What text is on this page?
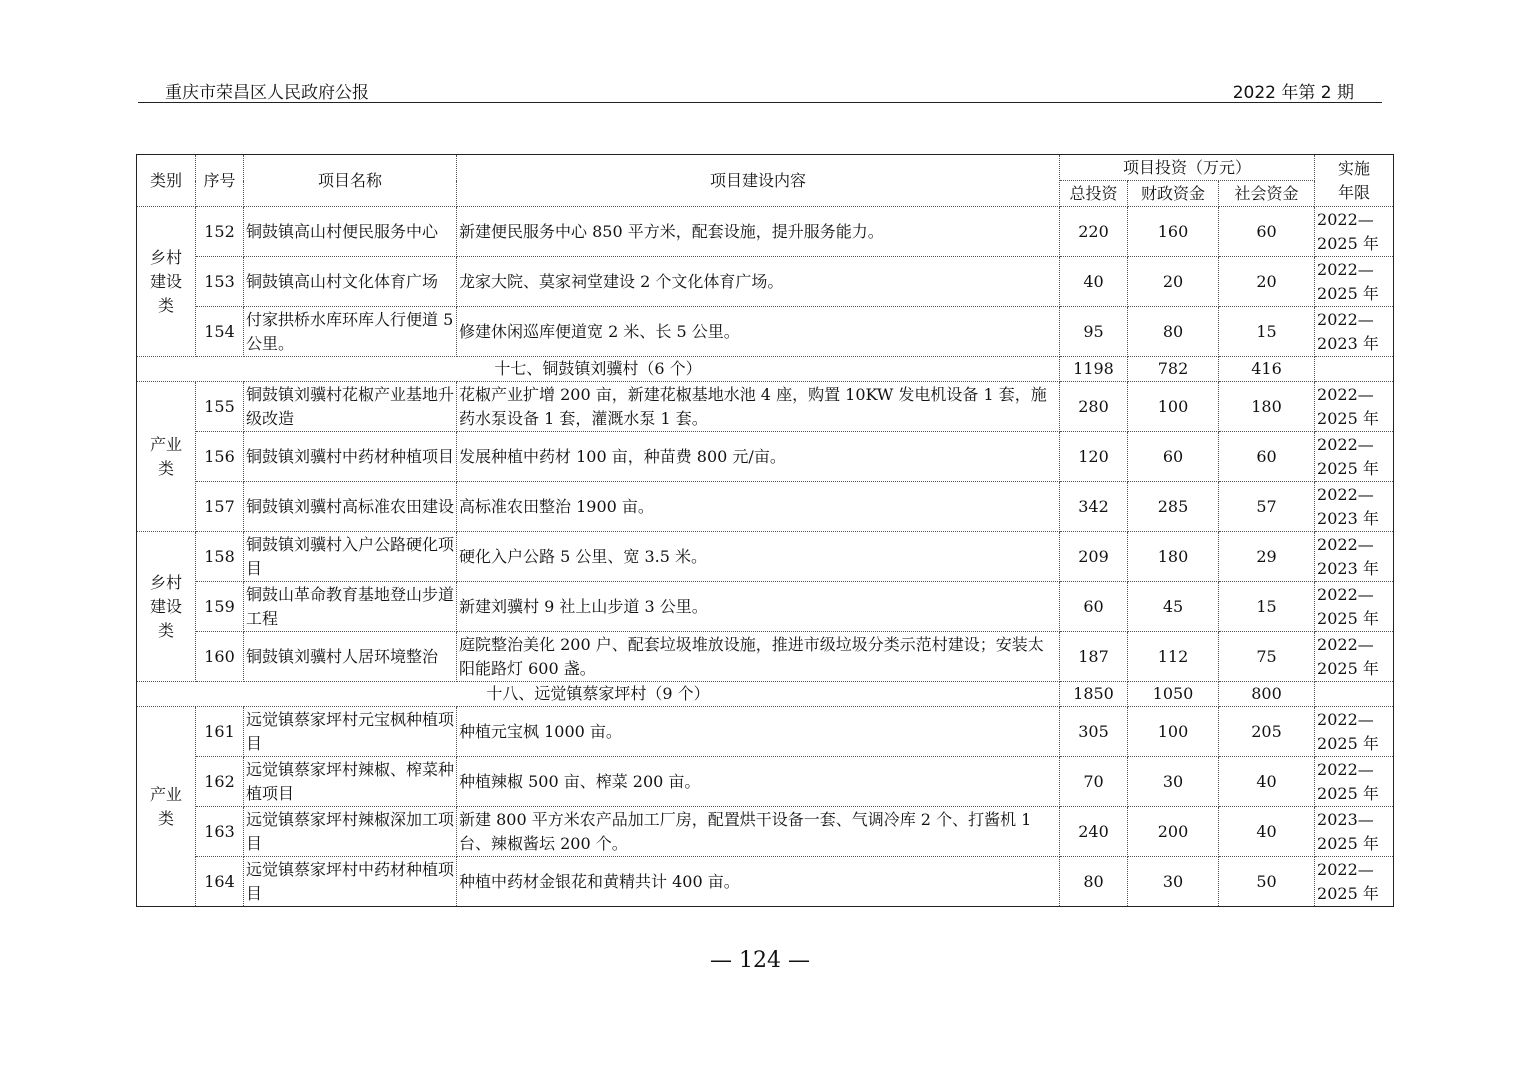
重庆市荣昌区人民政府公报	2022 年第 2 期
类别	序号	项目名称	项目建设内容	项目投资（万元）			实施
年限

				总投资	财政资金	社会资金	

乡村建设类	152	铜鼓镇高山村便民服务中心	新建便民服务中心 850 平方米，配套设施，提升服务能力。	220	160	60	2022—
2025 年

	153	铜鼓镇高山村文化体育广场	龙家大院、莫家祠堂建设 2 个文化体育广场。	40	20	20	2022—
2025 年

	154	付家拱桥水库环库人行便道 5 公里。	修建休闲巡库便道宽 2 米、长 5 公里。	95	80	15	2022—
2023 年

十七、铜鼓镇刘骥村（6 个）				1198	782	416	

产业类	155	铜鼓镇刘骥村花椒产业基地升级改造	花椒产业扩增 200 亩，新建花椒基地水池 4 座，购置 10KW 发电机设备 1 套，施药水泵设备 1 套，灌溉水泵 1 套。	280	100	180	2022—
2025 年

	156	铜鼓镇刘骥村中药材种植项目	发展种植中药材 100 亩，种苗费 800 元/亩。	120	60	60	2022—
2025 年

	157	铜鼓镇刘骥村高标准农田建设	高标准农田整治 1900 亩。	342	285	57	2022—
2023 年

乡村建设类	158	铜鼓镇刘骥村入户公路硬化项目	硬化入户公路 5 公里、宽 3.5 米。	209	180	29	2022—
2023 年

	159	铜鼓山革命教育基地登山步道工程	新建刘骥村 9 社上山步道 3 公里。	60	45	15	2022—
2025 年

	160	铜鼓镇刘骥村人居环境整治	庭院整治美化 200 户、配套垃圾堆放设施，推进市级垃圾分类示范村建设；安装太阳能路灯 600 盏。	187	112	75	2022—
2025 年

十八、远觉镇蔡家坪村（9 个）				1850	1050	800	

产业类	161	远觉镇蔡家坪村元宝枫种植项目	种植元宝枫 1000 亩。	305	100	205	2022—
2025 年

	162	远觉镇蔡家坪村辣椒、榨菜种植项目	种植辣椒 500 亩、榨菜 200 亩。	70	30	40	2022—
2025 年

	163	远觉镇蔡家坪村辣椒深加工项目	新建 800 平方米农产品加工厂房，配置烘干设备一套、气调冷库 2 个、打酱机 1 台、辣椒酱坛 200 个。	240	200	40	2023—
2025 年

	164	远觉镇蔡家坪村中药材种植项目	种植中药材金银花和黄精共计 400 亩。	80	30	50	2022—
2025 年
— 124 —
